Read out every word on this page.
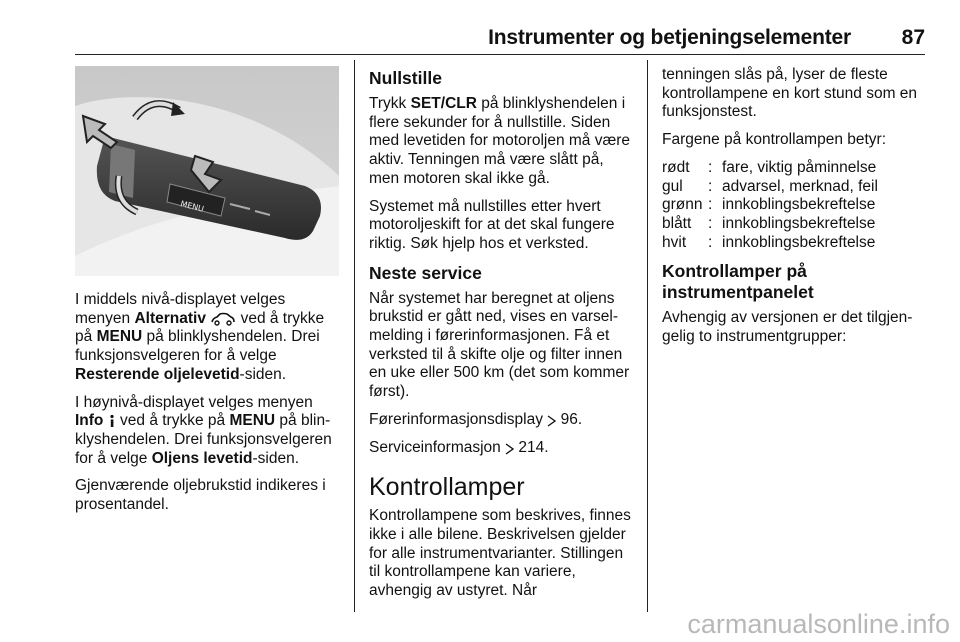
Instrumenter og betjeningselementer 87
MENU

I middels nivå-displayet velges menyen Alternativ  ved å trykke på MENU på blinklyshendelen. Drei funksjonsvelgeren for å velge Resterende oljelevetid-siden.

I høynivå-displayet velges menyen Info  ved å trykke på MENU på blinklyshendelen. Drei funksjonsvelgeren for å velge Oljens levetid-siden.

Gjenværende oljebrukstid indikeres i prosentandel.

Nullstille

Trykk SET/CLR på blinklyshendelen i flere sekunder for å nullstille. Siden med levetiden for motoroljen må være aktiv. Tenningen må være slått på, men motoren skal ikke gå.

Systemet må nullstilles etter hvert motoroljeskift for at det skal fungere riktig. Søk hjelp hos et verksted.

Neste service

Når systemet har beregnet at oljens brukstid er gått ned, vises en varselmelding i førerinformasjonen. Få et verksted til å skifte olje og filter innen en uke eller 500 km (det som kommer først).

Førerinformasjonsdisplay  96.

Serviceinformasjon  214.

Kontrollamper

Kontrollampene som beskrives, finnes ikke i alle bilene. Beskrivelsen gjelder for alle instrumentvarianter. Stillingen til kontrollampene kan variere, avhengig av ustyret. Når

tenningen slås på, lyser de fleste kontrollampene en kort stund som en funksjonstest.

Fargene på kontrollampen betyr:

rødt	:	fare, viktig påminnelse
gul	:	advarsel, merknad, feil
grønn	:	innkoblingsbekreftelse
blått	:	innkoblingsbekreftelse
hvit	:	innkoblingsbekreftelse
Kontrollamper på
instrumentpanelet

Avhengig av versjonen er det tilgjengelig to instrumentgrupper:

carmanualsonline.info
